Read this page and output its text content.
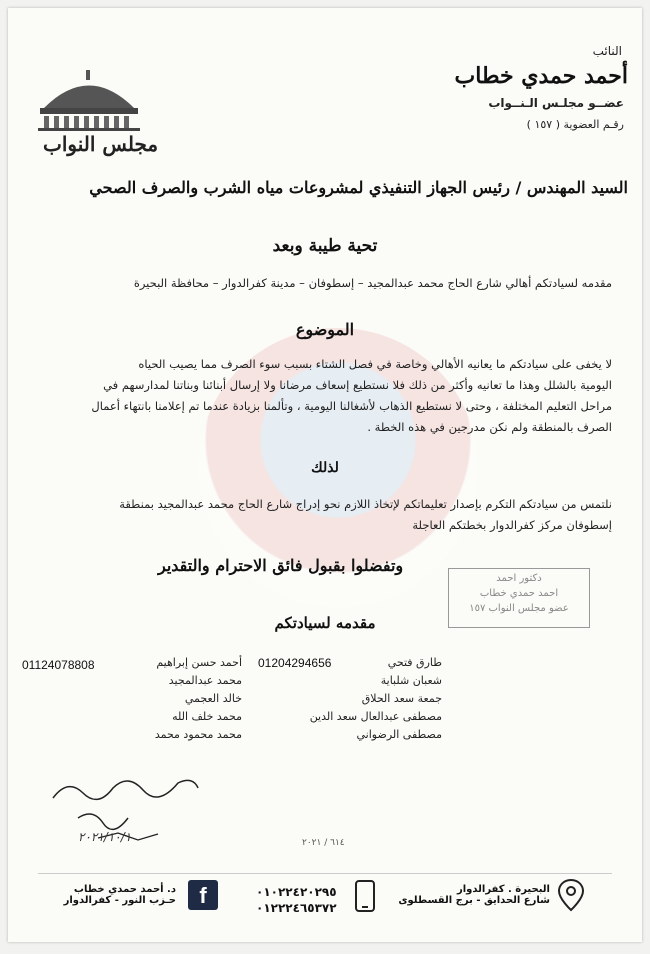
النائب
أحمد حمدي خطاب
عضــو مجلـس الـنــواب
رقـم العضوية ( ١٥٧ )
مجلس النواب
السيد المهندس / رئيس الجهاز التنفيذي لمشروعات مياه الشرب والصرف الصحي
تحية طيبة وبعد
مقدمه لسيادتكم أهالي شارع الحاج محمد عبدالمجيد – إسطوفان – مدينة كفرالدوار – محافظة البحيرة
الموضوع
لا يخفى على سيادتكم ما يعانيه الأهالي وخاصة في فصل الشتاء بسبب سوء الصرف مما يصيب الحياه
اليومية بالشلل وهذا ما تعانيه وأكثر من ذلك فلا نستطيع إسعاف مرضانا ولا إرسال أبنائنا وبناتنا لمدارسهم في
مراحل التعليم المختلفة ، وحتى لا نستطيع الذهاب لأشغالنا اليومية ، وتألمنا بزيادة عندما تم إعلامنا بانتهاء أعمال
الصرف بالمنطقة ولم نكن مدرجين في هذه الخطة .
لذلك
نلتمس من سيادتكم التكرم بإصدار تعليماتكم لإتخاذ اللازم نحو إدراج شارع الحاج محمد عبدالمجيد بمنطقة
إسطوفان مركز كفرالدوار بخطتكم العاجلة
وتفضلوا بقبول فائق الاحترام والتقدير
دكتور احمد
احمد حمدي خطاب
عضو مجلس النواب ١٥٧
مقدمه لسيادتكم
01204294656	طارق فتحي
شعبان شلباية
جمعة سعد الحلاق
مصطفى عبدالعال سعد الدين
مصطفى الرضواني
01124078808	أحمد حسن إبراهيم
محمد عبدالمجيد
خالد العجمي
محمد خلف الله
محمد محمود محمد
٢٠٢١/١٠/١	٦١٤ / ٢٠٢١
البحيرة . كفرالدوار
شارع الحدايق - برج القسطلوى
٠١٠٢٢٤٢٠٢٩٥
٠١٢٢٢٤٦٥٣٧٢
f
د. أحمد حمدي خطاب
حـزب النور - كفرالدوار
